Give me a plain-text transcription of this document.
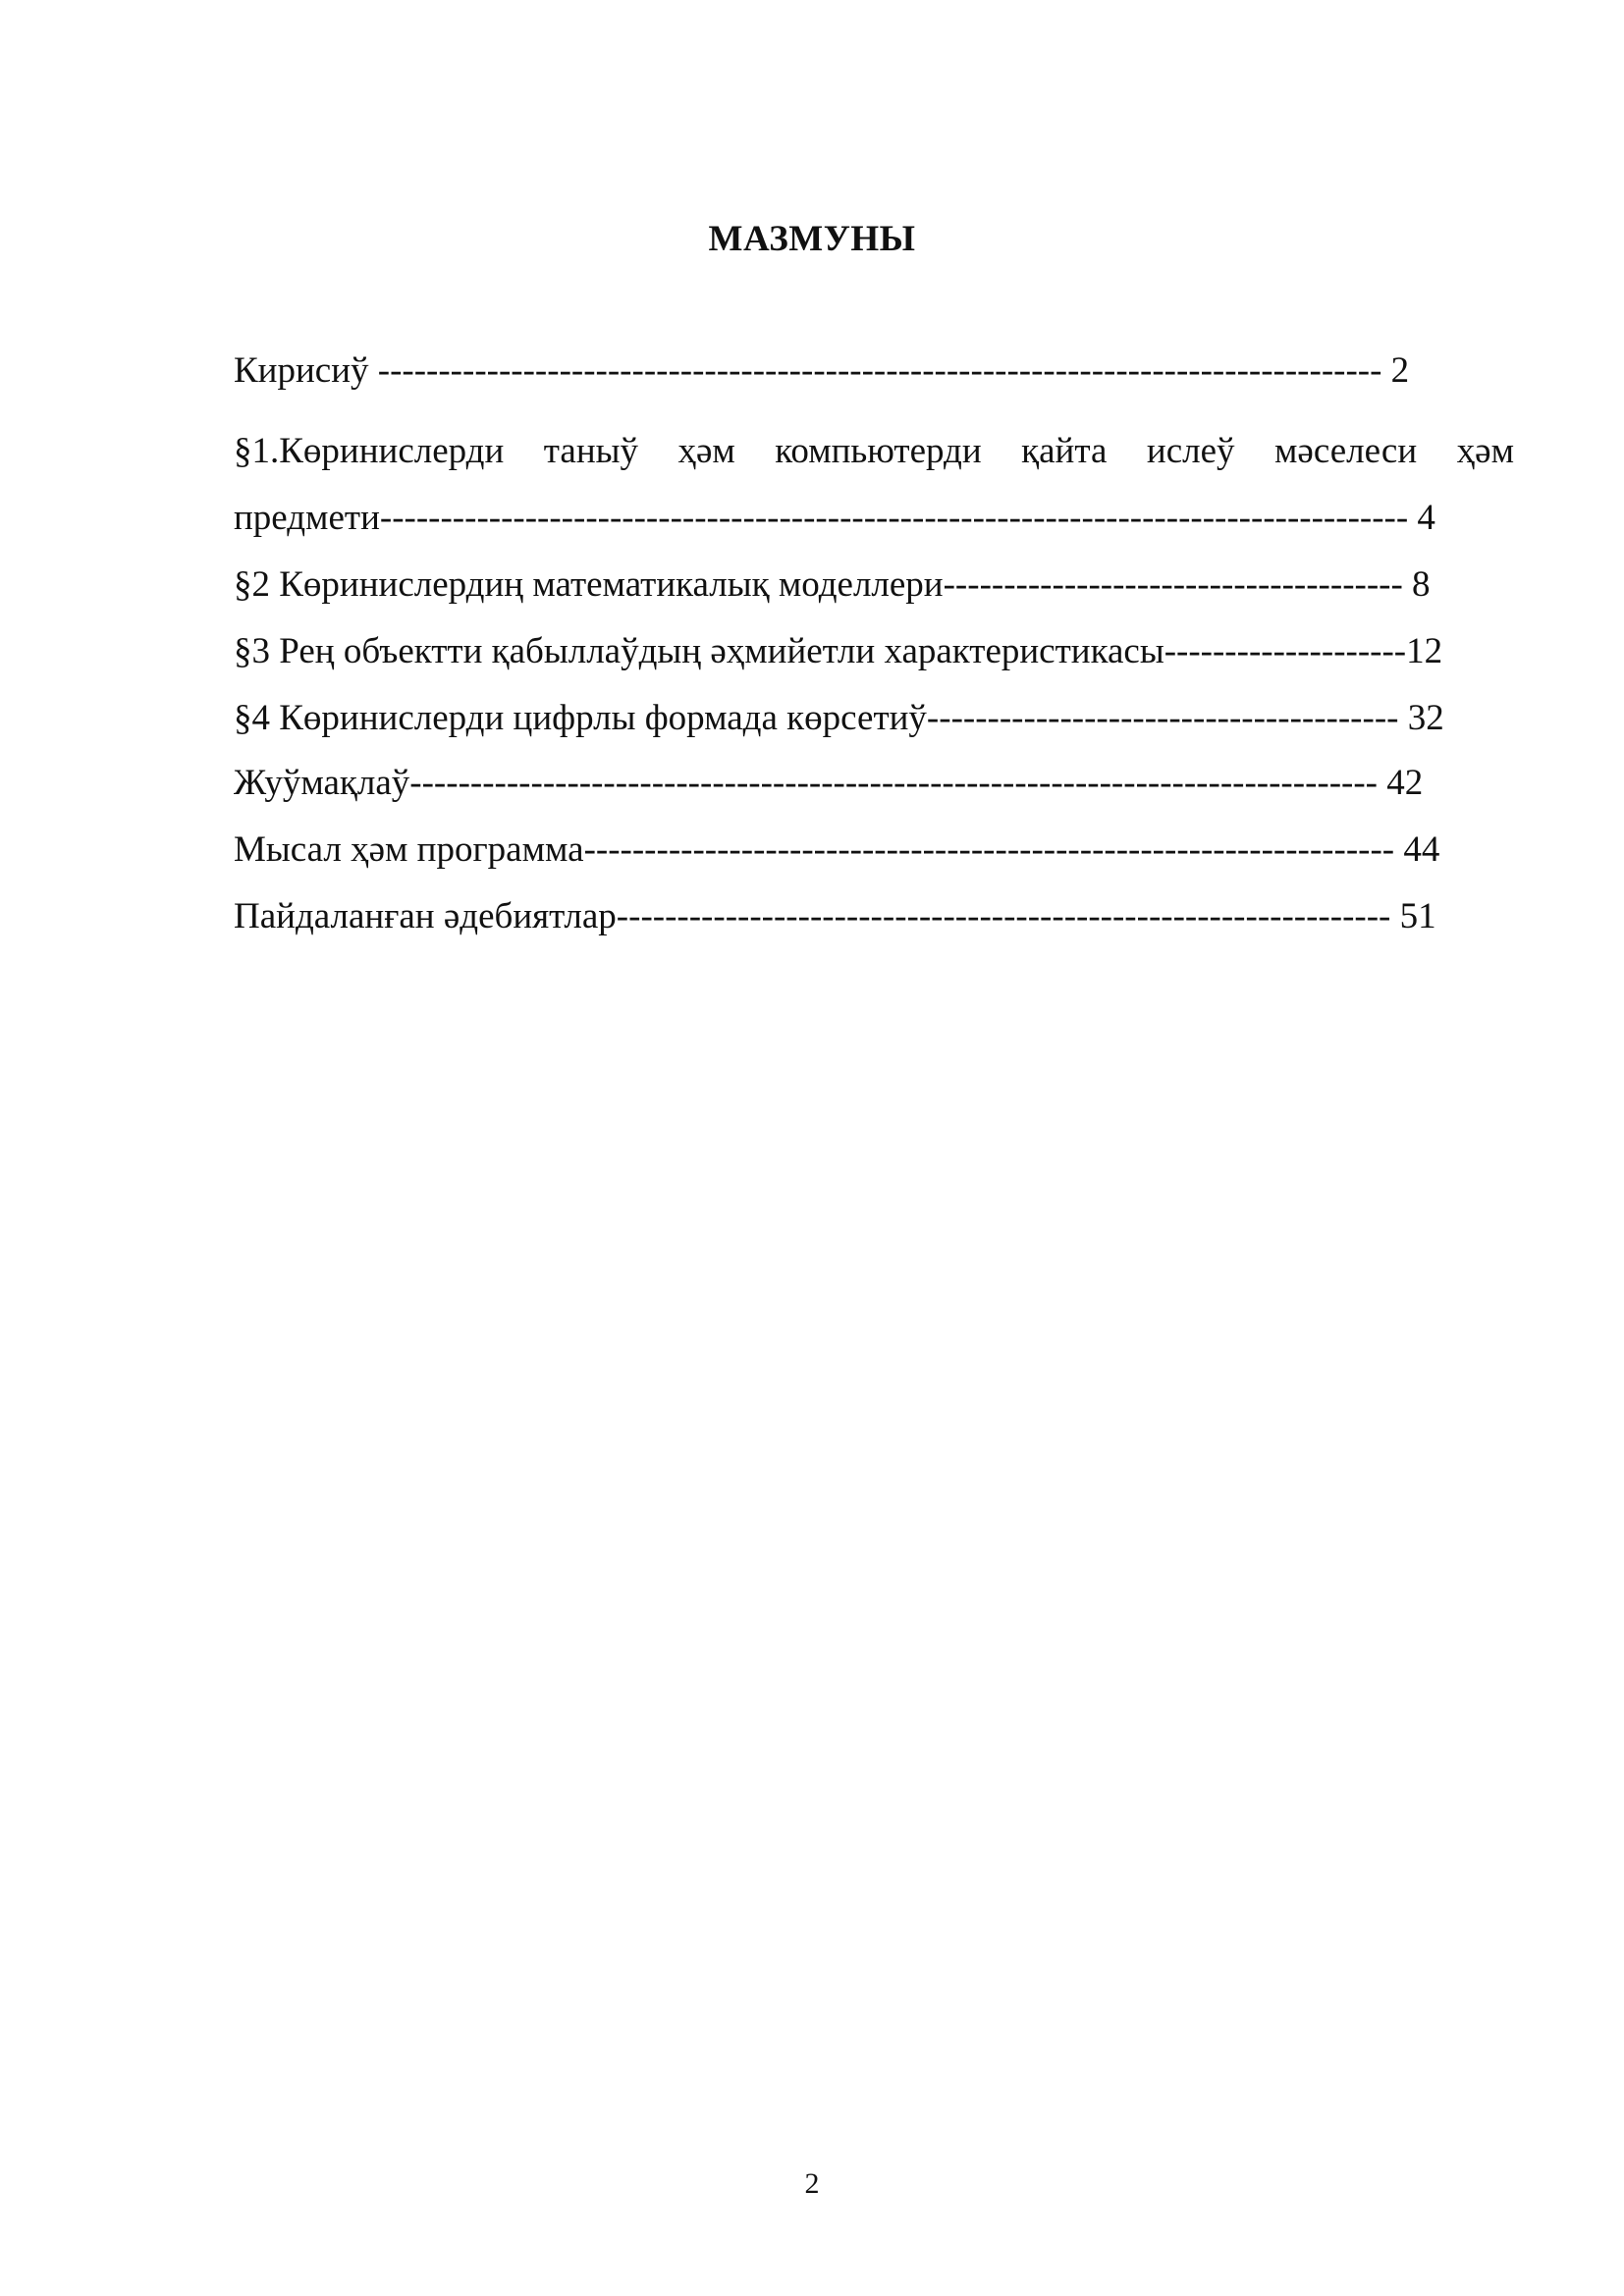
МАЗМУНЫ
Кирисиў ----------------------------------------------------------------------------------- 2
§1.Көринислерди таныў ҳәм компьютерди қайта ислеў мәселеси ҳәм
предмети------------------------------------------------------------------------------------- 4
§2 Көринислердиң математикалық моделлери-------------------------------------- 8
§3 Рең объектти қабыллаўдың әҳмийетли характеристикасы--------------------12
§4 Көринислерди цифрлы формада көрсетиў--------------------------------------- 32
Жуўмақлаў-------------------------------------------------------------------------------- 42
Мысал ҳәм программа------------------------------------------------------------------- 44
Пайдаланған әдебиятлар---------------------------------------------------------------- 51
2
